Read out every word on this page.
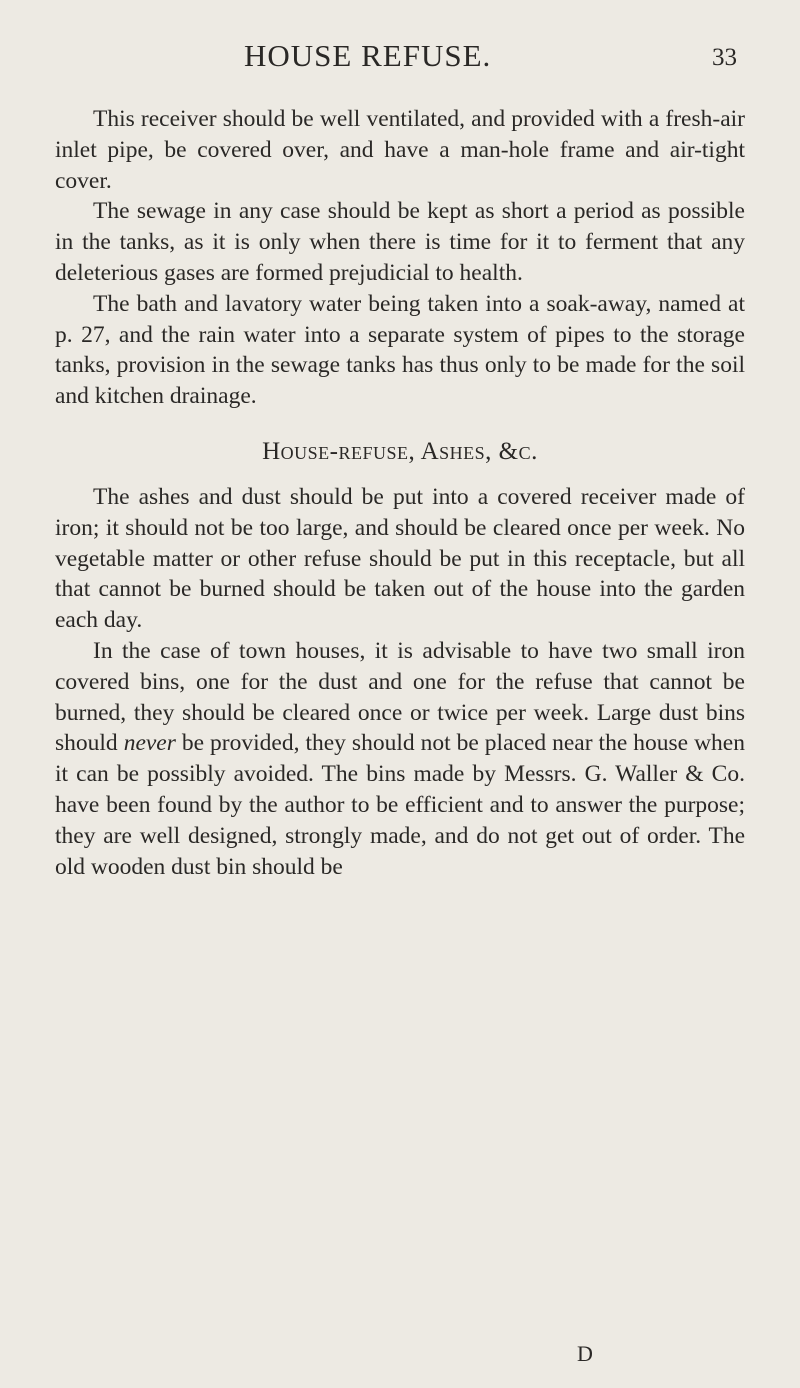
HOUSE REFUSE.	33

This receiver should be well ventilated, and provided with a fresh-air inlet pipe, be covered over, and have a man-hole frame and air-tight cover.

The sewage in any case should be kept as short a period as possible in the tanks, as it is only when there is time for it to ferment that any deleterious gases are formed prejudicial to health.

The bath and lavatory water being taken into a soak-away, named at p. 27, and the rain water into a separate system of pipes to the storage tanks, provision in the sewage tanks has thus only to be made for the soil and kitchen drainage.

House-refuse, Ashes, &c.

The ashes and dust should be put into a covered receiver made of iron; it should not be too large, and should be cleared once per week. No vegetable matter or other refuse should be put in this receptacle, but all that cannot be burned should be taken out of the house into the garden each day.

In the case of town houses, it is advisable to have two small iron covered bins, one for the dust and one for the refuse that cannot be burned, they should be cleared once or twice per week. Large dust bins should never be provided, they should not be placed near the house when it can be possibly avoided. The bins made by Messrs. G. Waller & Co. have been found by the author to be efficient and to answer the purpose; they are well designed, strongly made, and do not get out of order. The old wooden dust bin should be

D
